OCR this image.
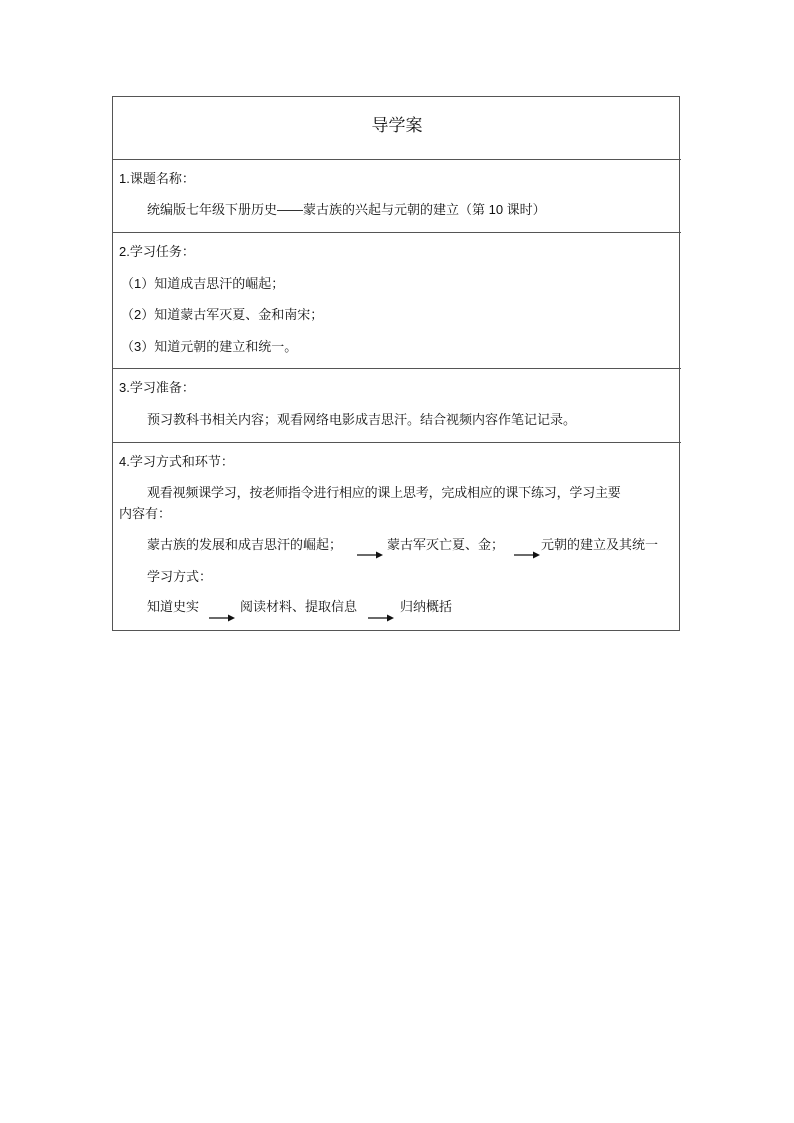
导学案
1.课题名称：
统编版七年级下册历史——蒙古族的兴起与元朝的建立（第 10 课时）
2.学习任务：
（1）知道成吉思汗的崛起；
（2）知道蒙古军灭夏、金和南宋；
（3）知道元朝的建立和统一。
3.学习准备：
预习教科书相关内容；观看网络电影成吉思汗。结合视频内容作笔记记录。
4.学习方式和环节：
观看视频课学习，按老师指令进行相应的课上思考，完成相应的课下练习，学习主要
内容有：
蒙古族的发展和成吉思汗的崛起；	蒙古军灭亡夏、金；	元朝的建立及其统一
学习方式：
知道史实	阅读材料、提取信息	归纳概括
